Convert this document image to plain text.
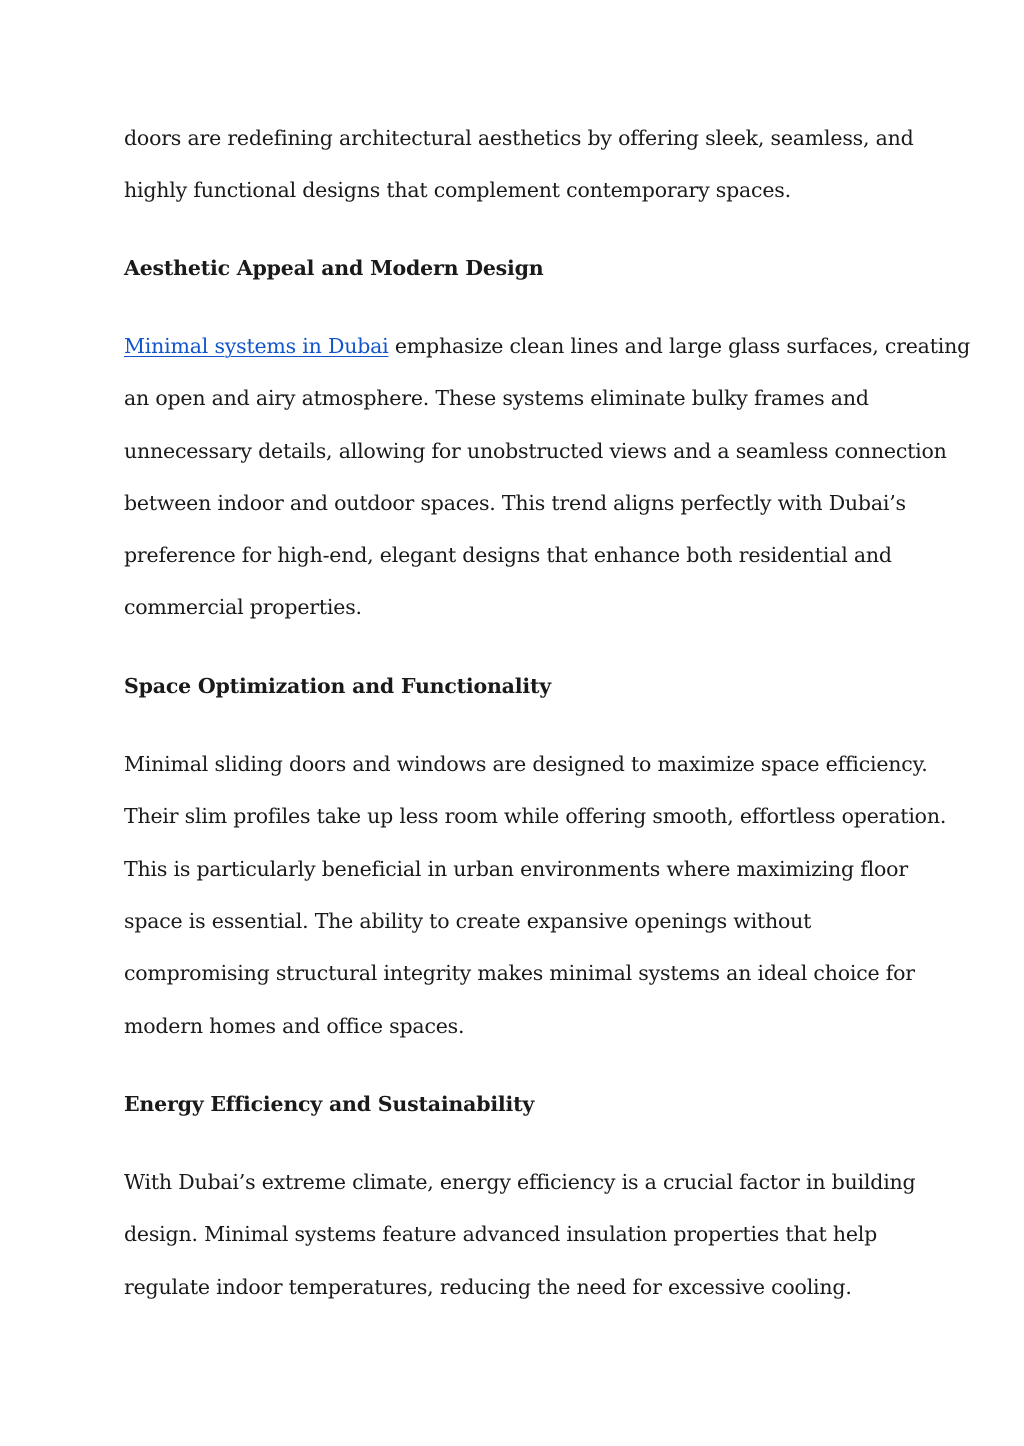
doors are redefining architectural aesthetics by offering sleek, seamless, and
highly functional designs that complement contemporary spaces.
Aesthetic Appeal and Modern Design
Minimal systems in Dubai emphasize clean lines and large glass surfaces, creating
an open and airy atmosphere. These systems eliminate bulky frames and
unnecessary details, allowing for unobstructed views and a seamless connection
between indoor and outdoor spaces. This trend aligns perfectly with Dubai’s
preference for high-end, elegant designs that enhance both residential and
commercial properties.
Space Optimization and Functionality
Minimal sliding doors and windows are designed to maximize space efficiency.
Their slim profiles take up less room while offering smooth, effortless operation.
This is particularly beneficial in urban environments where maximizing floor
space is essential. The ability to create expansive openings without
compromising structural integrity makes minimal systems an ideal choice for
modern homes and office spaces.
Energy Efficiency and Sustainability
With Dubai’s extreme climate, energy efficiency is a crucial factor in building
design. Minimal systems feature advanced insulation properties that help
regulate indoor temperatures, reducing the need for excessive cooling.
